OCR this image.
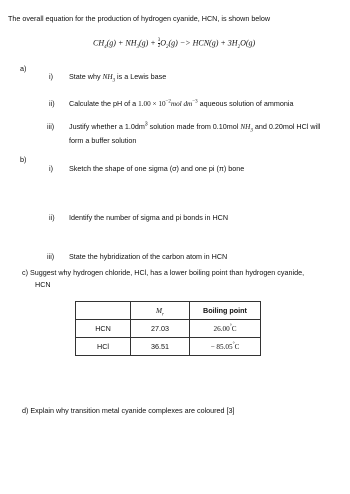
The overall equation for the production of hydrogen cyanide, HCN, is shown below
$CH_4(g) + NH_3(g) + \frac{3}{2} O_2(g) -> HCN(g) + 3H_2O(g)$
a)
i) State why $NH_3$ is a Lewis base
ii) Calculate the pH of a $1.00 \times 10^{-2}mol$ $dm^{-3}$ aqueous solution of ammonia
iii) Justify whether a $1.0dm^3$ solution made from 0.10mol $NH_3$ and 0.20mol HCl will
form a buffer solution
b)
i) Sketch the shape of one sigma (σ) and one pi (π) bone
ii) Identify the number of sigma and pi bonds in HCN
iii) State the hybridization of the carbon atom in HCN
c) Suggest why hydrogen chloride, HCl, has a lower boiling point than hydrogen cyanide,
HCN
	$M_r$	Boiling point
HCN	27.03	26.00°C
HCl	36.51	− 85.05°C
d) Explain why transition metal cyanide complexes are coloured [3]
